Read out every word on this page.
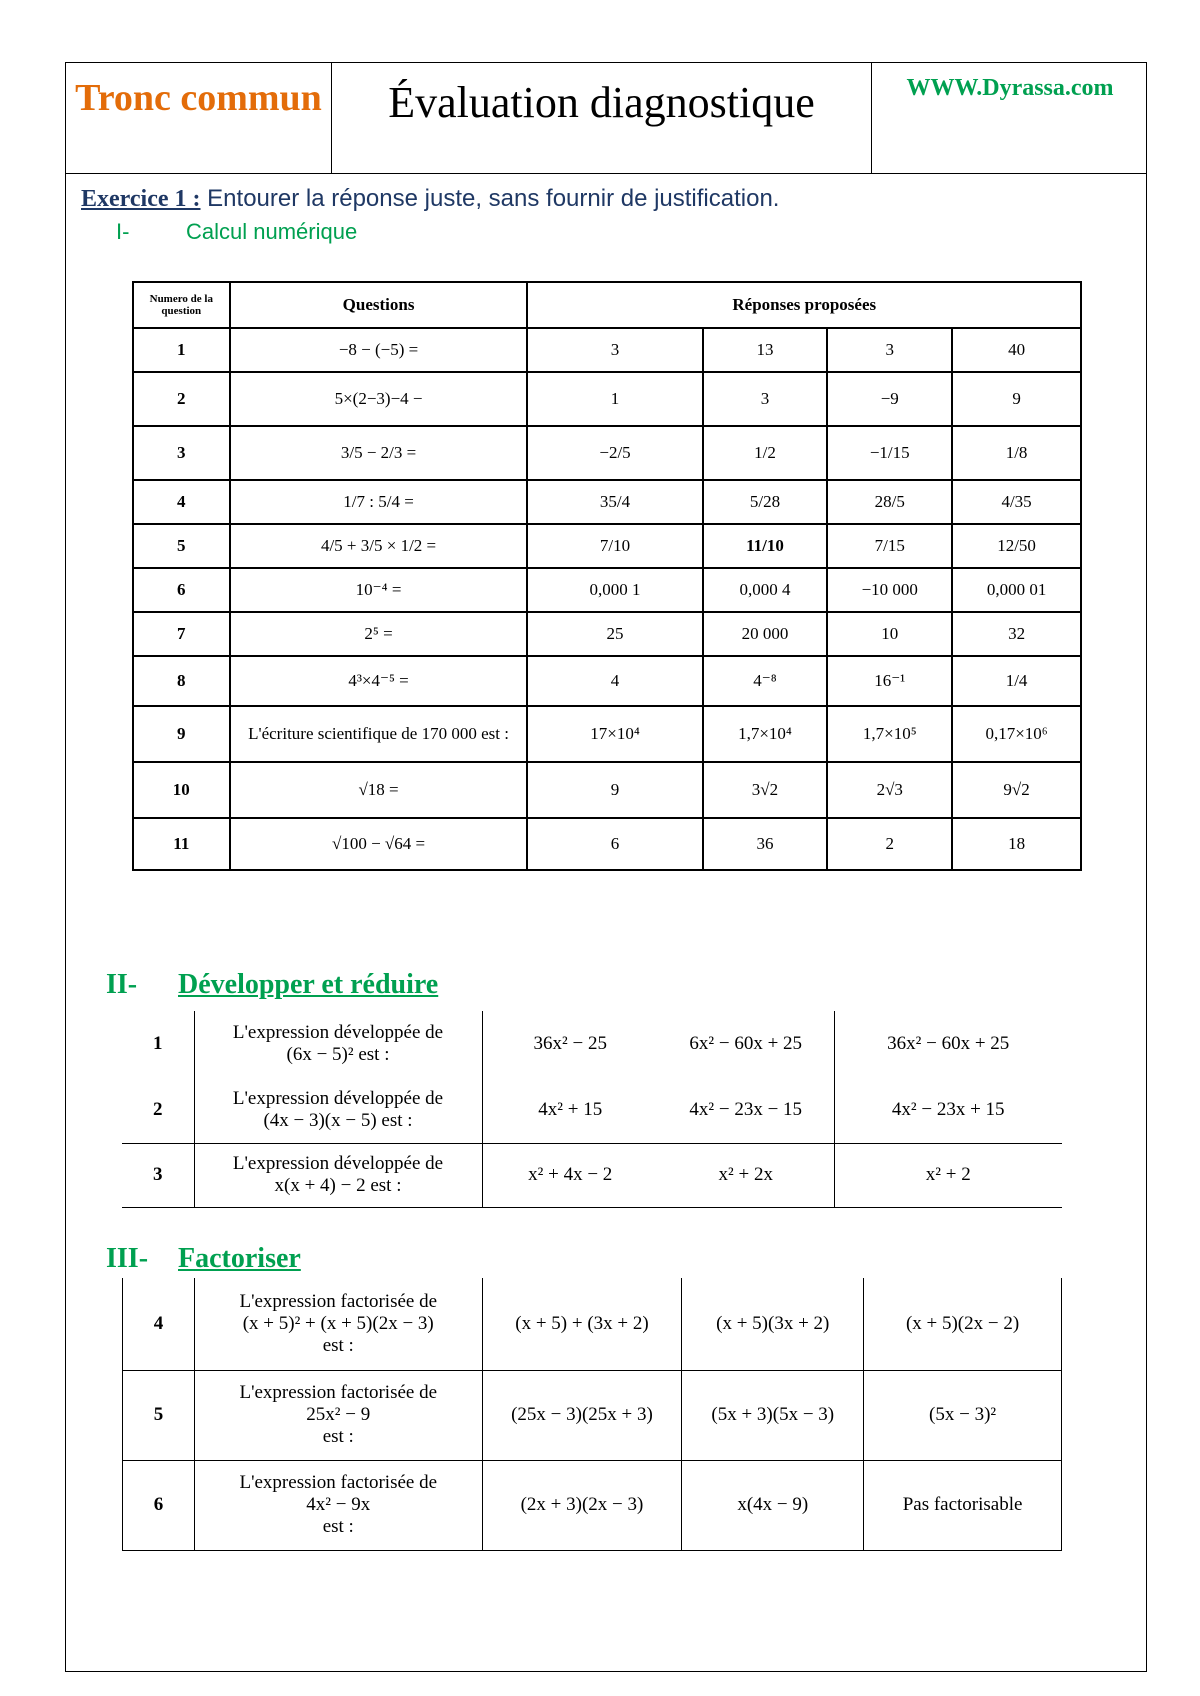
Tronc commun	Évaluation diagnostique	WWW.Dyrassa.com
Exercice 1 : Entourer la réponse juste, sans fournir de justification.
I-	Calcul numérique
Numero de la question	Questions	Réponses proposées			
1	−8 − (−5) =	3	13	3	40
2	5×(2−3)−4 −	1	3	−9	9
3	3/5 − 2/3 =	−2/5	1/2	−1/15	1/8
4	1/7 : 5/4 =	35/4	5/28	28/5	4/35
5	4/5 + 3/5 × 1/2 =	7/10	11/10	7/15	12/50
6	10⁻⁴ =	0,000 1	0,000 4	−10 000	0,000 01
7	2⁵ =	25	20 000	10	32
8	4³×4⁻⁵ =	4	4⁻⁸	16⁻¹	1/4
9	L'écriture scientifique de 170 000 est :	17×10⁴	1,7×10⁴	1,7×10⁵	0,17×10⁶
10	√18 =	9	3√2	2√3	9√2
11	√100 − √64 =	6	36	2	18
II- Développer et réduire
1	L'expression développée de
(6x − 5)² est :	36x² − 25	6x² − 60x + 25	36x² − 60x + 25
2	L'expression développée de
(4x − 3)(x − 5) est :	4x² + 15	4x² − 23x − 15	4x² − 23x + 15
3	L'expression développée de
x(x + 4) − 2 est :	x² + 4x − 2	x² + 2x	x² + 2
III- Factoriser
4	L'expression factorisée de
(x + 5)² + (x + 5)(2x − 3)
est :	(x + 5) + (3x + 2)	(x + 5)(3x + 2)	(x + 5)(2x − 2)
5	L'expression factorisée de
25x² − 9
est :	(25x − 3)(25x + 3)	(5x + 3)(5x − 3)	(5x − 3)²
6	L'expression factorisée de
4x² − 9x
est :	(2x + 3)(2x − 3)	x(4x − 9)	Pas factorisable
